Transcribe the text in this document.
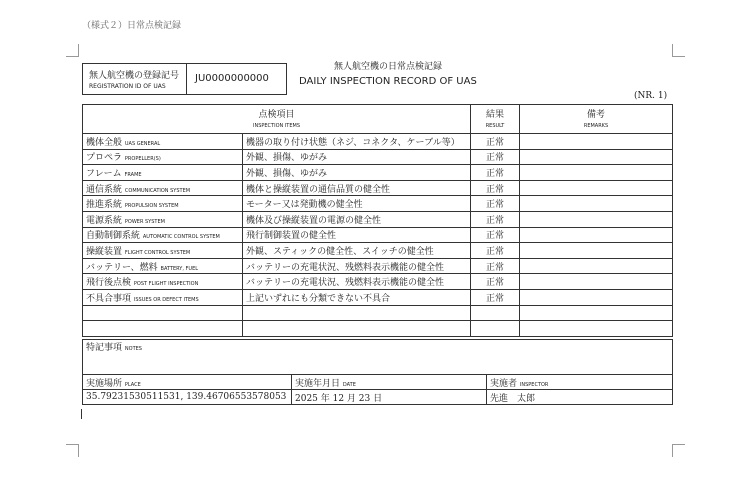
（様式２）日常点検記録
無人航空機の登録記号
REGISTRATION ID OF UAS
JU0000000000
無人航空機の日常点検記録
DAILY INSPECTION RECORD OF UAS
(NR. 1)
点検項目
INSPECTION ITEMS		結果
RESULT	備考
REMARKS

機体全般 UAS GENERAL	機器の取り付け状態（ネジ、コネクタ、ケーブル等）	正常	
プロペラ PROPELLER(S)	外観、損傷、ゆがみ	正常	
フレーム FRAME	外観、損傷、ゆがみ	正常	
通信系統 COMMUNICATION SYSTEM	機体と操縦装置の通信品質の健全性	正常	
推進系統 PROPULSION SYSTEM	モーター又は発動機の健全性	正常	
電源系統 POWER SYSTEM	機体及び操縦装置の電源の健全性	正常	
自動制御系統 AUTOMATIC CONTROL SYSTEM	飛行制御装置の健全性	正常	
操縦装置 FLIGHT CONTROL SYSTEM	外観、スティックの健全性、スイッチの健全性	正常	
バッテリー、燃料 BATTERY, FUEL	バッテリーの充電状況、残燃料表示機能の健全性	正常	
飛行後点検 POST FLIGHT INSPECTION	バッテリーの充電状況、残燃料表示機能の健全性	正常	
不具合事項 ISSUES OR DEFECT ITEMS	上記いずれにも分類できない不具合	正常	

特記事項 NOTES		

実施場所 PLACE	実施年月日 DATE	実施者 INSPECTOR
35.79231530511531, 139.46706553578053	2025 年 12 月 23 日	先進　太郎
